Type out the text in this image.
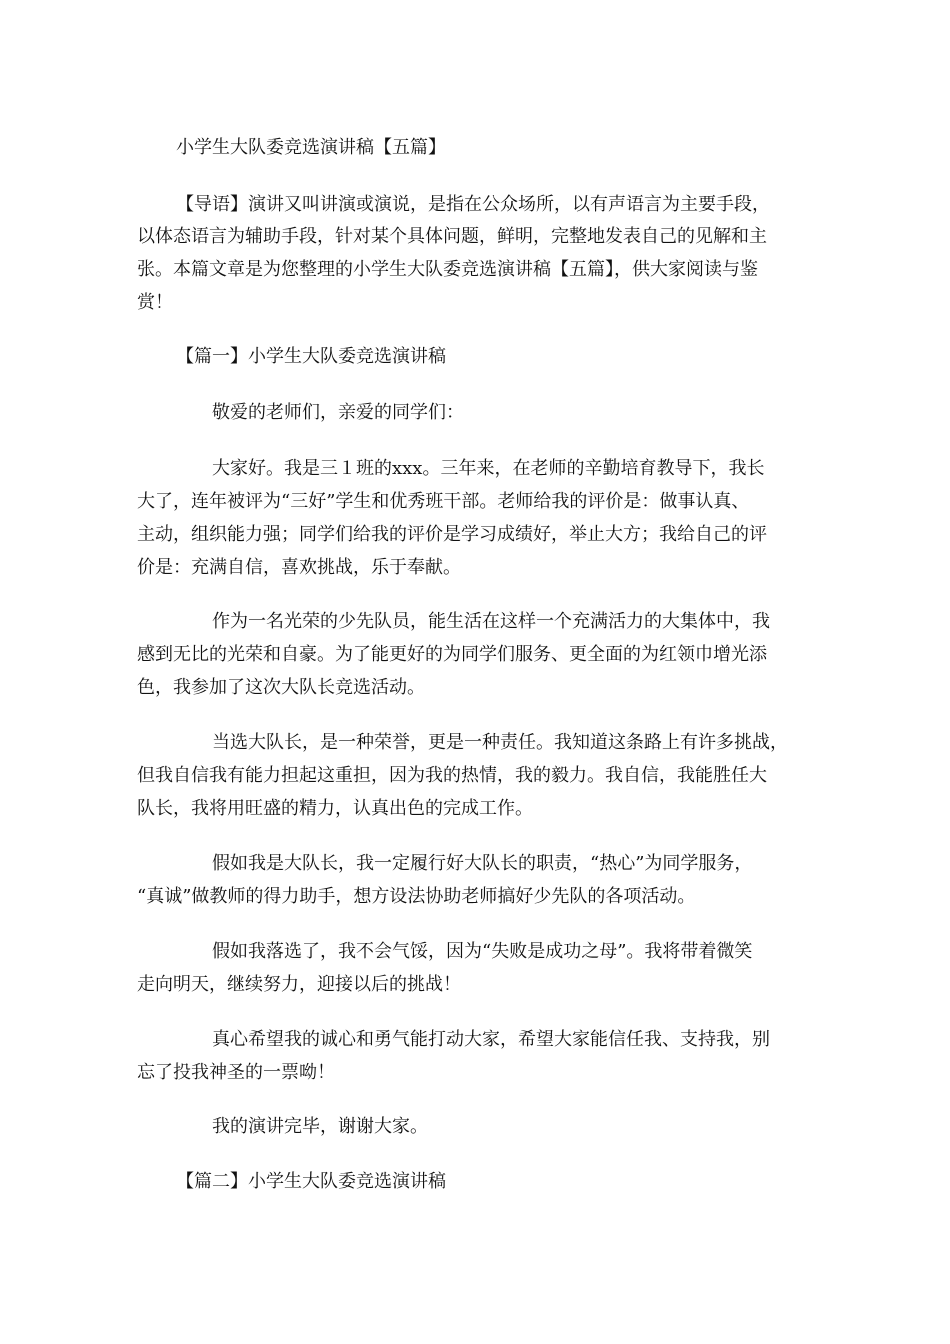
小学生大队委竞选演讲稿【五篇】
【导语】演讲又叫讲演或演说，是指在公众场所，以有声语言为主要手段，
以体态语言为辅助手段，针对某个具体问题，鲜明，完整地发表自己的见解和主
张。本篇文章是为您整理的小学生大队委竞选演讲稿【五篇】，供大家阅读与鉴
赏！
【篇一】小学生大队委竞选演讲稿
敬爱的老师们，亲爱的同学们：
大家好。我是三１班的xxx。三年来，在老师的辛勤培育教导下，我长
大了，连年被评为“三好”学生和优秀班干部。老师给我的评价是：做事认真、
主动，组织能力强；同学们给我的评价是学习成绩好，举止大方；我给自己的评
价是：充满自信，喜欢挑战，乐于奉献。
作为一名光荣的少先队员，能生活在这样一个充满活力的大集体中，我
感到无比的光荣和自豪。为了能更好的为同学们服务、更全面的为红领巾增光添
色，我参加了这次大队长竞选活动。
当选大队长，是一种荣誉，更是一种责任。我知道这条路上有许多挑战，
但我自信我有能力担起这重担，因为我的热情，我的毅力。我自信，我能胜任大
队长，我将用旺盛的精力，认真出色的完成工作。
假如我是大队长，我一定履行好大队长的职责，“热心”为同学服务，
“真诚”做教师的得力助手，想方设法协助老师搞好少先队的各项活动。
假如我落选了，我不会气馁，因为“失败是成功之母”。我将带着微笑
走向明天，继续努力，迎接以后的挑战！
真心希望我的诚心和勇气能打动大家，希望大家能信任我、支持我，别
忘了投我神圣的一票呦！
我的演讲完毕，谢谢大家。
【篇二】小学生大队委竞选演讲稿
